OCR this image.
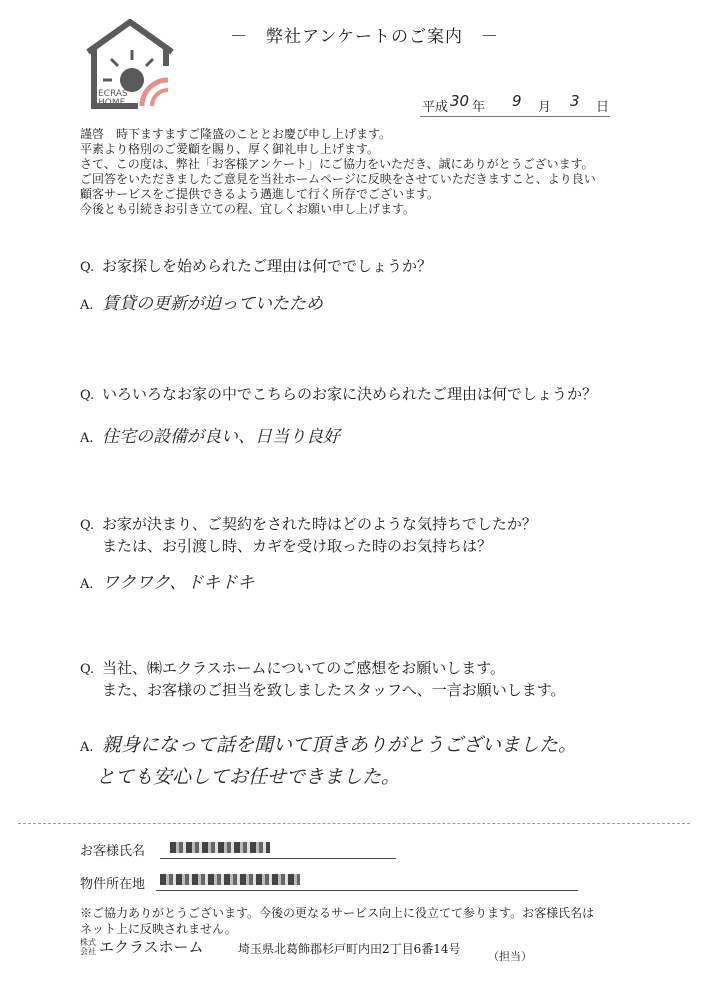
ECRAS
HOME
－　弊社アンケートのご案内　－
平成 30 年 9 月 3 日
謹啓　時下ますますご隆盛のこととお慶び申し上げます。
平素より格別のご愛顧を賜り、厚く御礼申し上げます。
さて、この度は、弊社「お客様アンケート」にご協力をいただき、誠にありがとうございます。
ご回答をいただきましたご意見を当社ホームページに反映をさせていただきますこと、より良い
顧客サービスをご提供できるよう邁進して行く所存でございます。
今後とも引続きお引き立ての程、宜しくお願い申し上げます。
Q. お家探しを始められたご理由は何ででしょうか？
A. 賃貸の更新が迫っていたため
Q. いろいろなお家の中でこちらのお家に決められたご理由は何でしょうか？
A. 住宅の設備が良い、日当り良好
Q. お家が決まり、ご契約をされた時はどのような気持ちでしたか？
または、お引渡し時、カギを受け取った時のお気持ちは？
A. ワクワク、ドキドキ
Q. 当社、㈱エクラスホームについてのご感想をお願いします。
また、お客様のご担当を致しましたスタッフへ、一言お願いします。
A. 親身になって話を聞いて頂きありがとうございました。
とても安心してお任せできました。
お客様氏名
物件所在地
※ご協力ありがとうございます。今後の更なるサービス向上に役立てて参ります。お客様氏名は
ネット上に反映されません。
株式
会社 エクラスホーム	埼玉県北葛飾郡杉戸町内田2丁目6番14号
（担当）
